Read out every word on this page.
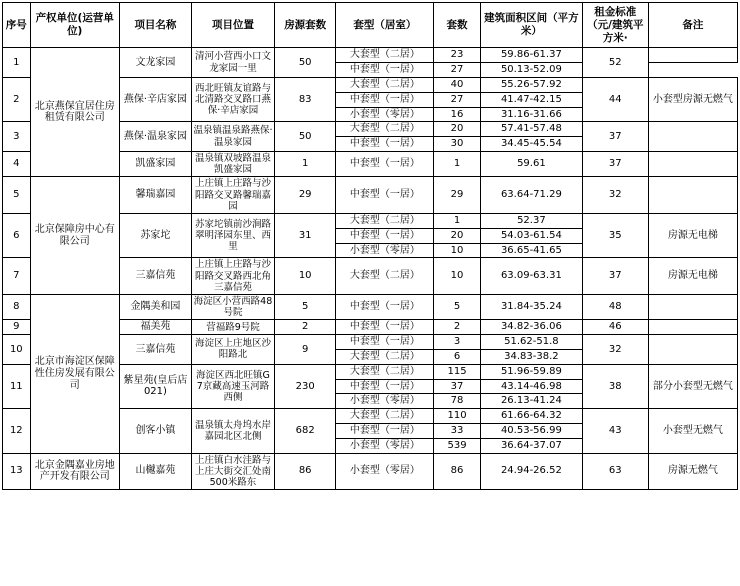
序号	产权单位(运营单位)	项目名称	项目位置	房源套数	套型（居室）	套数	建筑面积区间（平方米）	租金标准（元/建筑平方米·	备注
1	北京燕保宜居住房租赁有限公司	文龙家园	清河小营西小口文龙家园一里	50	大套型（二居）	23	59.86-61.37	52	
					中套型（一居）	27	50.13-52.09		
2		燕保·辛店家园	西北旺镇友谊路与北清路交叉路口燕保·辛店家园	83	大套型（二居）	40	55.26-57.92	44	小套型房源无燃气
					中套型（一居）	27	41.47-42.15		
					小套型（零居）	16	31.16-31.66		
3		燕保·温泉家园	温泉镇温泉路燕保·温泉家园	50	大套型（二居）	20	57.41-57.48	37	
					中套型（一居）	30	34.45-45.54		
4		凯盛家园	温泉镇双坡路温泉凯盛家园	1	中套型（一居）	1	59.61	37	
5	北京保障房中心有限公司	馨瑞嘉园	上庄镇上庄路与沙阳路交叉路馨瑞嘉园	29	中套型（一居）	29	63.64-71.29	32	
6		苏家坨	苏家坨镇前沙涧路翠明泽园东里、西里	31	大套型（二居）	1	52.37	35	房源无电梯
					中套型（一居）	20	54.03-61.54		
					小套型（零居）	10	36.65-41.65		
7		三嘉信苑	上庄镇上庄路与沙阳路交叉路西北角三嘉信苑	10	大套型（二居）	10	63.09-63.31	37	房源无电梯
8	北京市海淀区保障性住房发展有限公司	金隅美和园	海淀区小营西路48号院	5	中套型（一居）	5	31.84-35.24	48	
9		福美苑	营福路9号院	2	中套型（一居）	2	34.82-36.06	46	
10		三嘉信苑	海淀区上庄地区沙阳路北	9	中套型（一居）	3	51.62-51.8	32	
					大套型（二居）	6	34.83-38.2		
11		紫星苑(皇后店021)	海淀区西北旺镇G7京藏高速玉河路西侧	230	大套型（二居）	115	51.96-59.89	38	部分小套型无燃气
					中套型（一居）	37	43.14-46.98		
					小套型（零居）	78	26.13-41.24		
12		创客小镇	温泉镇太舟坞水岸嘉园北区北侧	682	大套型（二居）	110	61.66-64.32	43	小套型无燃气
					中套型（一居）	33	40.53-56.99		
					小套型（零居）	539	36.64-37.07		
13	北京金隅嘉业房地产开发有限公司	山樾嘉苑	上庄镇白水洼路与上庄大街交汇处南500米路东	86	小套型（零居）	86	24.94-26.52	63	房源无燃气
